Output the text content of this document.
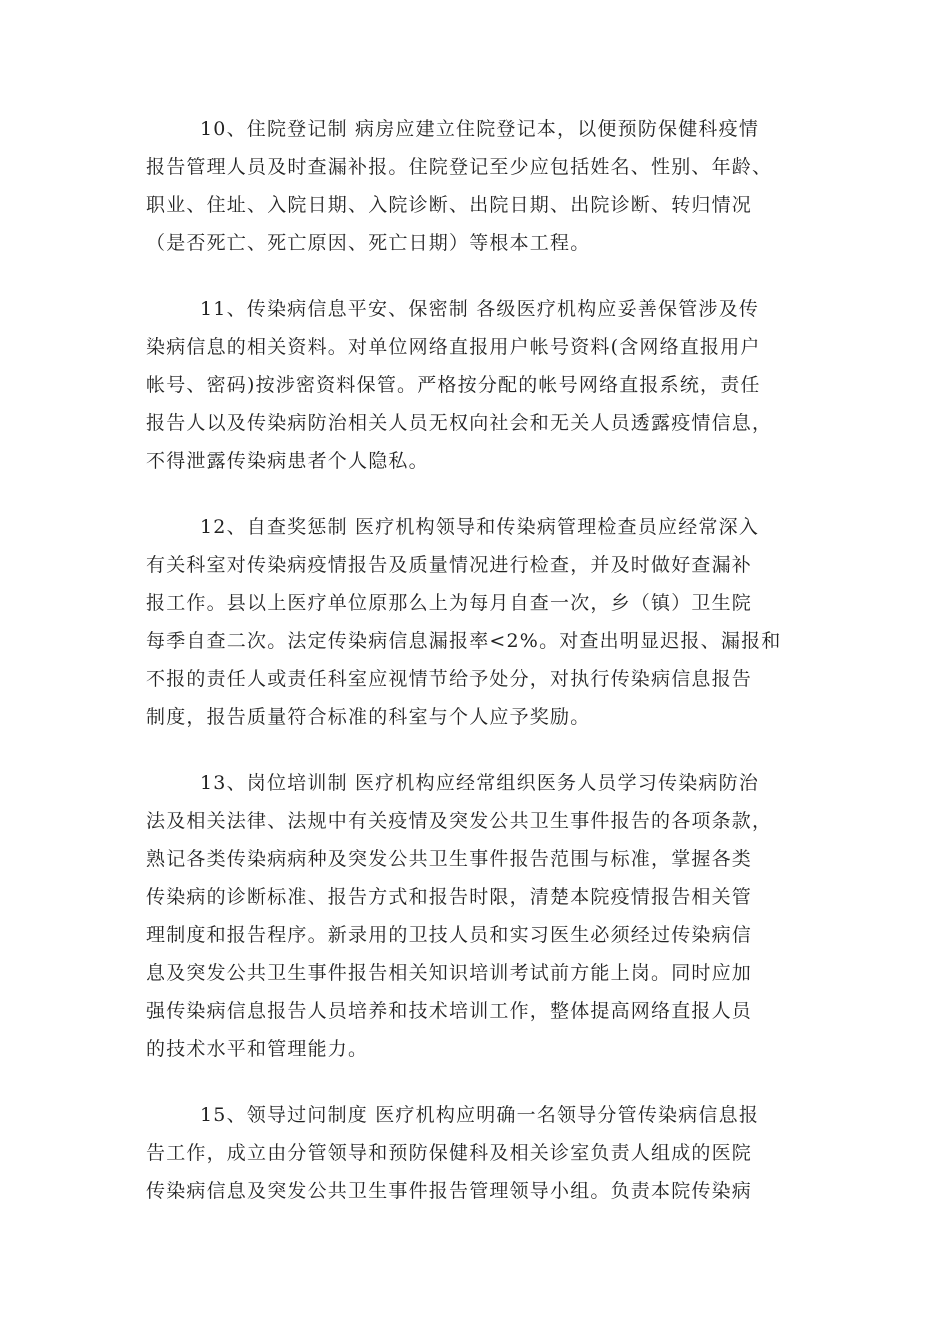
10、住院登记制 病房应建立住院登记本，以便预防保健科疫情
报告管理人员及时查漏补报。住院登记至少应包括姓名、性别、年龄、
职业、住址、入院日期、入院诊断、出院日期、出院诊断、转归情况
（是否死亡、死亡原因、死亡日期）等根本工程。
11、传染病信息平安、保密制 各级医疗机构应妥善保管涉及传
染病信息的相关资料。对单位网络直报用户帐号资料(含网络直报用户
帐号、密码)按涉密资料保管。严格按分配的帐号网络直报系统，责任
报告人以及传染病防治相关人员无权向社会和无关人员透露疫情信息，
不得泄露传染病患者个人隐私。
12、自查奖惩制 医疗机构领导和传染病管理检查员应经常深入
有关科室对传染病疫情报告及质量情况进行检查，并及时做好查漏补
报工作。县以上医疗单位原那么上为每月自查一次，乡（镇）卫生院
每季自查二次。法定传染病信息漏报率<2%。对查出明显迟报、漏报和
不报的责任人或责任科室应视情节给予处分，对执行传染病信息报告
制度，报告质量符合标准的科室与个人应予奖励。
13、岗位培训制 医疗机构应经常组织医务人员学习传染病防治
法及相关法律、法规中有关疫情及突发公共卫生事件报告的各项条款，
熟记各类传染病病种及突发公共卫生事件报告范围与标准，掌握各类
传染病的诊断标准、报告方式和报告时限，清楚本院疫情报告相关管
理制度和报告程序。新录用的卫技人员和实习医生必须经过传染病信
息及突发公共卫生事件报告相关知识培训考试前方能上岗。同时应加
强传染病信息报告人员培养和技术培训工作，整体提高网络直报人员
的技术水平和管理能力。
15、领导过问制度 医疗机构应明确一名领导分管传染病信息报
告工作，成立由分管领导和预防保健科及相关诊室负责人组成的医院
传染病信息及突发公共卫生事件报告管理领导小组。负责本院传染病
